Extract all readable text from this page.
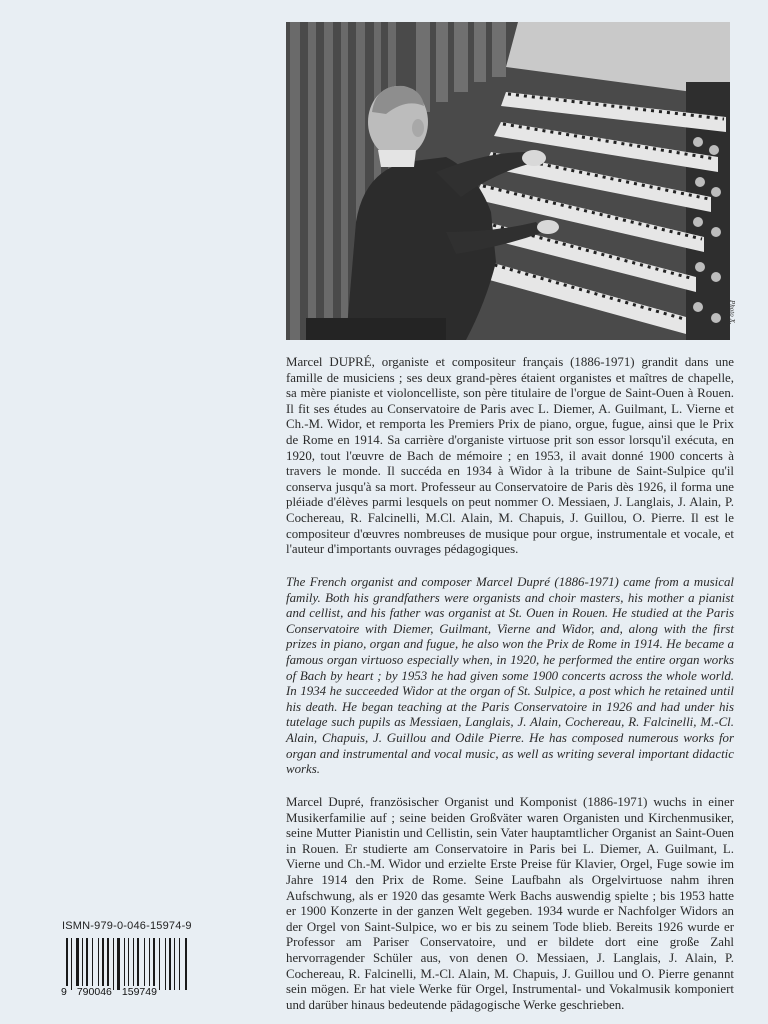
Photo X.

Marcel DUPRÉ, organiste et compositeur français (1886-1971) grandit dans une famille de musiciens ; ses deux grand-pères étaient organistes et maîtres de chapelle, sa mère pianiste et violoncelliste, son père titulaire de l'orgue de Saint-Ouen à Rouen. Il fit ses études au Conservatoire de Paris avec L. Diemer, A. Guilmant, L. Vierne et Ch.-M. Widor, et remporta les Premiers Prix de piano, orgue, fugue, ainsi que le Prix de Rome en 1914. Sa carrière d'organiste virtuose prit son essor lorsqu'il exécuta, en 1920, tout l'œuvre de Bach de mémoire ; en 1953, il avait donné 1900 concerts à travers le monde. Il succéda en 1934 à Widor à la tribune de Saint-Sulpice qu'il conserva jusqu'à sa mort. Professeur au Conservatoire de Paris dès 1926, il forma une pléiade d'élèves parmi lesquels on peut nommer O. Messiaen, J. Langlais, J. Alain, P. Cochereau, R. Falcinelli, M.Cl. Alain, M. Chapuis, J. Guillou, O. Pierre. Il est le compositeur d'œuvres nombreuses de musique pour orgue, instrumentale et vocale, et l'auteur d'importants ouvrages pédagogiques.

The French organist and composer Marcel Dupré (1886-1971) came from a musical family. Both his grandfathers were organists and choir masters, his mother a pianist and cellist, and his father was organist at St. Ouen in Rouen. He studied at the Paris Conservatoire with Diemer, Guilmant, Vierne and Widor, and, along with the first prizes in piano, organ and fugue, he also won the Prix de Rome in 1914. He became a famous organ virtuoso especially when, in 1920, he performed the entire organ works of Bach by heart ; by 1953 he had given some 1900 concerts across the whole world. In 1934 he succeeded Widor at the organ of St. Sulpice, a post which he retained until his death. He began teaching at the Paris Conservatoire in 1926 and had under his tutelage such pupils as Messiaen, Langlais, J. Alain, Cochereau, R. Falcinelli, M.-Cl. Alain, Chapuis, J. Guillou and Odile Pierre. He has composed numerous works for organ and instrumental and vocal music, as well as writing several important didactic works.

Marcel Dupré, französischer Organist und Komponist (1886-1971) wuchs in einer Musikerfamilie auf ; seine beiden Großväter waren Organisten und Kirchenmusiker, seine Mutter Pianistin und Cellistin, sein Vater hauptamtlicher Organist an Saint-Ouen in Rouen. Er studierte am Conservatoire in Paris bei L. Diemer, A. Guilmant, L. Vierne und Ch.-M. Widor und erzielte Erste Preise für Klavier, Orgel, Fuge sowie im Jahre 1914 den Prix de Rome. Seine Laufbahn als Orgelvirtuose nahm ihren Aufschwung, als er 1920 das gesamte Werk Bachs auswendig spielte ; bis 1953 hatte er 1900 Konzerte in der ganzen Welt gegeben. 1934 wurde er Nachfolger Widors an der Orgel von Saint-Sulpice, wo er bis zu seinem Tode blieb. Bereits 1926 wurde er Professor am Pariser Conservatoire, und er bildete dort eine große Zahl hervorragender Schüler aus, von denen O. Messiaen, J. Langlais, J. Alain, P. Cochereau, R. Falcinelli, M.-Cl. Alain, M. Chapuis, J. Guillou und O. Pierre genannt sein mögen. Er hat viele Werke für Orgel, Instrumental- und Vokalmusik komponiert und darüber hinaus bedeutende pädagogische Werke geschrieben.

ISMN-979-0-046-15974-9
9 790046 159749
